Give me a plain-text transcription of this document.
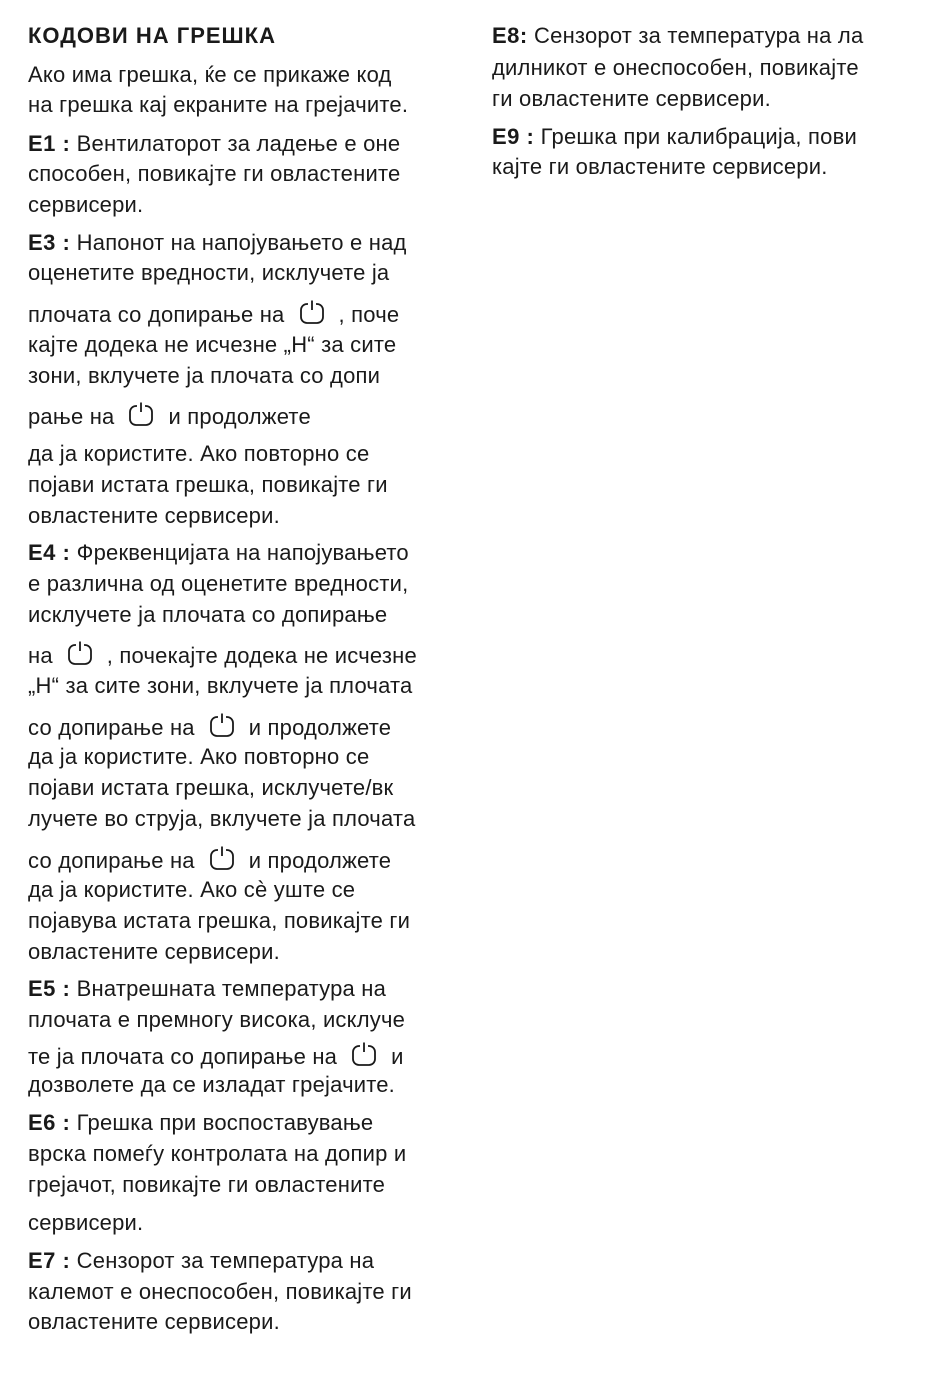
КОДОВИ НА ГРЕШКА
Ако има грешка, ќе се прикаже код
на грешка кај екраните на грејачите.
E1 : Вентилаторот за ладење е оне
способен, повикајте ги овластените
сервисери.
E3 : Напонот на напојувањето е над
оценетите вредности, исклучете ја
плочата со допирање на , поче
кајте додека не исчезне „H“ за сите
зони, вклучете ја плочата со допи
рање на и продолжете
да ја користите. Ако повторно се
појави истата грешка, повикајте ги
овластените сервисери.
E4 : Фреквенцијата на напојувањето
е различна од оценетите вредности,
исклучете ја плочата со допирање
на , почекајте додека не исчезне
„H“ за сите зони, вклучете ја плочата
со допирање на и продолжете
да ја користите. Ако повторно се
појави истата грешка, исклучете/вк
лучете во струја, вклучете ја плочата
со допирање на и продолжете
да ја користите. Ако сè уште се
појавува истата грешка, повикајте ги
овластените сервисери.
E5 : Внатрешната температура на
плочата е премногу висока, исклуче
те ја плочата со допирање на и
дозволете да се изладат грејачите.
E6 : Грешка при воспоставување
врска помеѓу контролата на допир и
грејачот, повикајте ги овластените
сервисери.
E7 : Сензорот за температура на
калемот е онеспособен, повикајте ги
овластените сервисери.
E8: Сензорот за температура на ла
дилникот е онеспособен, повикајте
ги овластените сервисери.
E9 : Грешка при калибрација, пови
кајте ги овластените сервисери.
